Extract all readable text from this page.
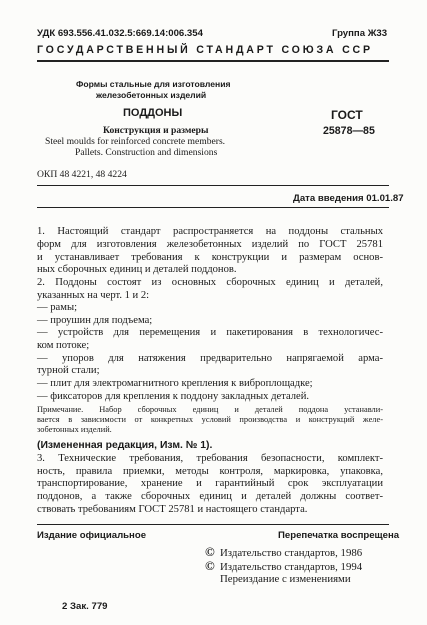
УДК 693.556.41.032.5:669.14:006.354	Группа Ж33
ГОСУДАРСТВЕННЫЙ СТАНДАРТ СОЮЗА ССР
Формы стальные для изготовления
железобетонных изделий
ПОДДОНЫ	ГОСТ
Конструкция и размеры	25878—85
Steel moulds for reinforced concrete members.
Pallets. Construction and dimensions
ОКП 48 4221, 48 4224
Дата введения 01.01.87
1. Настоящий стандарт распространяется на поддоны стальных
форм для изготовления железобетонных изделий по ГОСТ 25781
и устанавливает требования к конструкции и размерам основ-
ных сборочных единиц и деталей поддонов.
2. Поддоны состоят из основных сборочных единиц и деталей,
указанных на черт. 1 и 2:
— рамы;
— проушин для подъема;
— устройств для перемещения и пакетирования в технологичес-
ком потоке;
— упоров для натяжения предварительно напрягаемой арма-
турной стали;
— плит для электромагнитного крепления к виброплощадке;
— фиксаторов для крепления к поддону закладных деталей.
Примечание. Набор сборочных единиц и деталей поддона устанавли-
вается в зависимости от конкретных условий производства и конструкций желе-
зобетонных изделий.
(Измененная редакция, Изм. № 1).
3. Технические требования, требования безопасности, комплект-
ность, правила приемки, методы контроля, маркировка, упаковка,
транспортирование, хранение и гарантийный срок эксплуатации
поддонов, а также сборочных единиц и деталей должны соответ-
ствовать требованиям ГОСТ 25781 и настоящего стандарта.
Издание официальное	Перепечатка воспрещена
© Издательство стандартов, 1986
© Издательство стандартов, 1994
Переиздание с изменениями
2 Зак. 779
